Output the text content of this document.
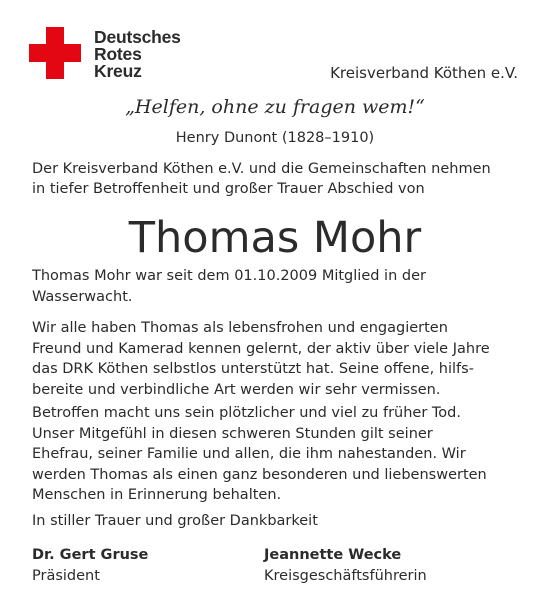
Deutsches
Rotes
Kreuz	Kreisverband Köthen e.V.
„Helfen, ohne zu fragen wem!“
Henry Dunont (1828–1910)
Der Kreisverband Köthen e.V. und die Gemeinschaften nehmen
in tiefer Betroffenheit und großer Trauer Abschied von
Thomas Mohr
Thomas Mohr war seit dem 01.10.2009 Mitglied in der
Wasserwacht.
Wir alle haben Thomas als lebensfrohen und engagierten
Freund und Kamerad kennen gelernt, der aktiv über viele Jahre
das DRK Köthen selbstlos unterstützt hat. Seine offene, hilfs-
bereite und verbindliche Art werden wir sehr vermissen.
Betroffen macht uns sein plötzlicher und viel zu früher Tod.
Unser Mitgefühl in diesen schweren Stunden gilt seiner
Ehefrau, seiner Familie und allen, die ihm nahestanden. Wir
werden Thomas als einen ganz besonderen und liebenswerten
Menschen in Erinnerung behalten.
In stiller Trauer und großer Dankbarkeit
Dr. Gert Gruse
Präsident
Jeannette Wecke
Kreisgeschäftsführerin
